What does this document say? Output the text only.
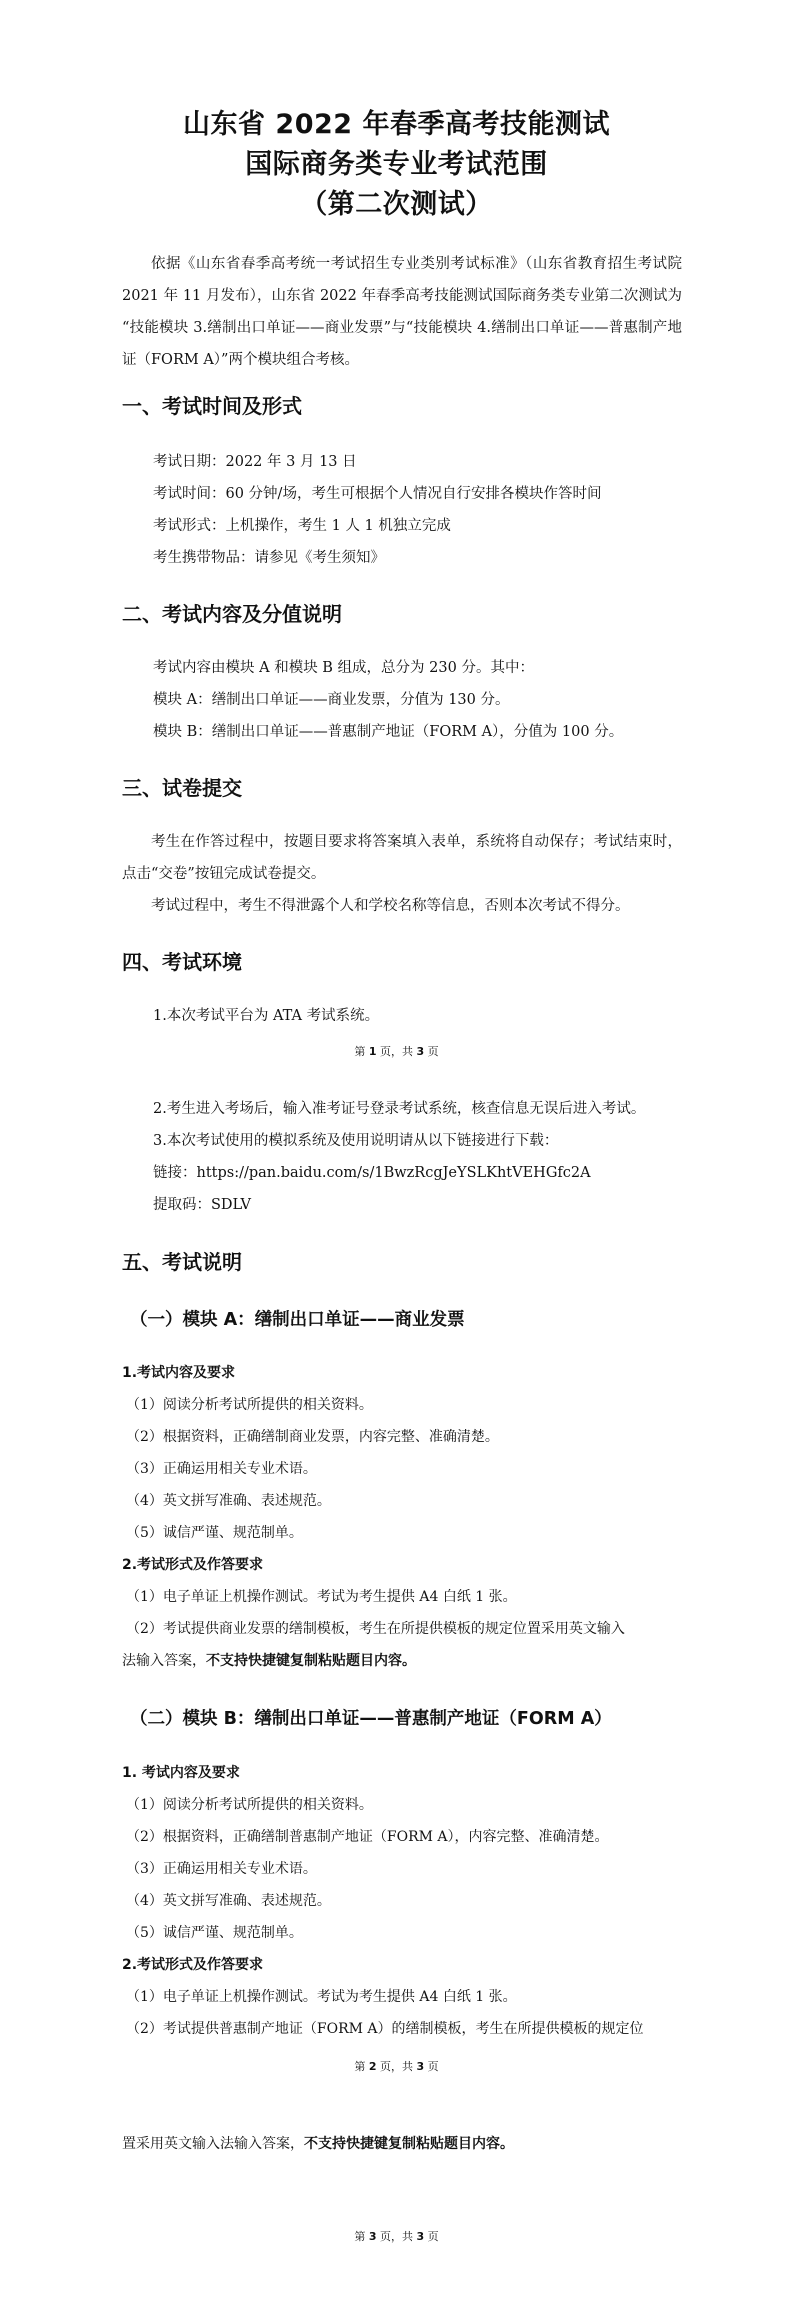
山东省 2022 年春季高考技能测试
国际商务类专业考试范围
（第二次测试）
依据《山东省春季高考统一考试招生专业类别考试标准》（山东省教育招生考试院 2021 年 11 月发布），山东省 2022 年春季高考技能测试国际商务类专业第二次测试为 “技能模块 3.缮制出口单证——商业发票”与“技能模块 4.缮制出口单证——普惠制产地证（FORM A）”两个模块组合考核。
一、考试时间及形式
考试日期：2022 年 3 月 13 日
考试时间：60 分钟/场，考生可根据个人情况自行安排各模块作答时间
考试形式：上机操作，考生 1 人 1 机独立完成
考生携带物品：请参见《考生须知》
二、考试内容及分值说明
考试内容由模块 A 和模块 B 组成，总分为 230 分。其中：
模块 A：缮制出口单证——商业发票，分值为 130 分。
模块 B：缮制出口单证——普惠制产地证（FORM A），分值为 100 分。
三、试卷提交
考生在作答过程中，按题目要求将答案填入表单，系统将自动保存；考试结束时，点击“交卷”按钮完成试卷提交。
考试过程中，考生不得泄露个人和学校名称等信息，否则本次考试不得分。
四、考试环境
1.本次考试平台为 ATA 考试系统。
第 1 页，共 3 页
2.考生进入考场后，输入准考证号登录考试系统，核查信息无误后进入考试。
3.本次考试使用的模拟系统及使用说明请从以下链接进行下载：
链接：https://pan.baidu.com/s/1BwzRcgJeYSLKhtVEHGfc2A
提取码：SDLV
五、考试说明
（一）模块 A：缮制出口单证——商业发票
1.考试内容及要求
（1）阅读分析考试所提供的相关资料。
（2）根据资料，正确缮制商业发票，内容完整、准确清楚。
（3）正确运用相关专业术语。
（4）英文拼写准确、表述规范。
（5）诚信严谨、规范制单。
2.考试形式及作答要求
（1）电子单证上机操作测试。考试为考生提供 A4 白纸 1 张。
（2）考试提供商业发票的缮制模板，考生在所提供模板的规定位置采用英文输入
法输入答案，不支持快捷键复制粘贴题目内容。
（二）模块 B：缮制出口单证——普惠制产地证（FORM A）
1. 考试内容及要求
（1）阅读分析考试所提供的相关资料。
（2）根据资料，正确缮制普惠制产地证（FORM A），内容完整、准确清楚。
（3）正确运用相关专业术语。
（4）英文拼写准确、表述规范。
（5）诚信严谨、规范制单。
2.考试形式及作答要求
（1）电子单证上机操作测试。考试为考生提供 A4 白纸 1 张。
（2）考试提供普惠制产地证（FORM A）的缮制模板，考生在所提供模板的规定位
第 2 页，共 3 页
置采用英文输入法输入答案，不支持快捷键复制粘贴题目内容。
第 3 页，共 3 页
